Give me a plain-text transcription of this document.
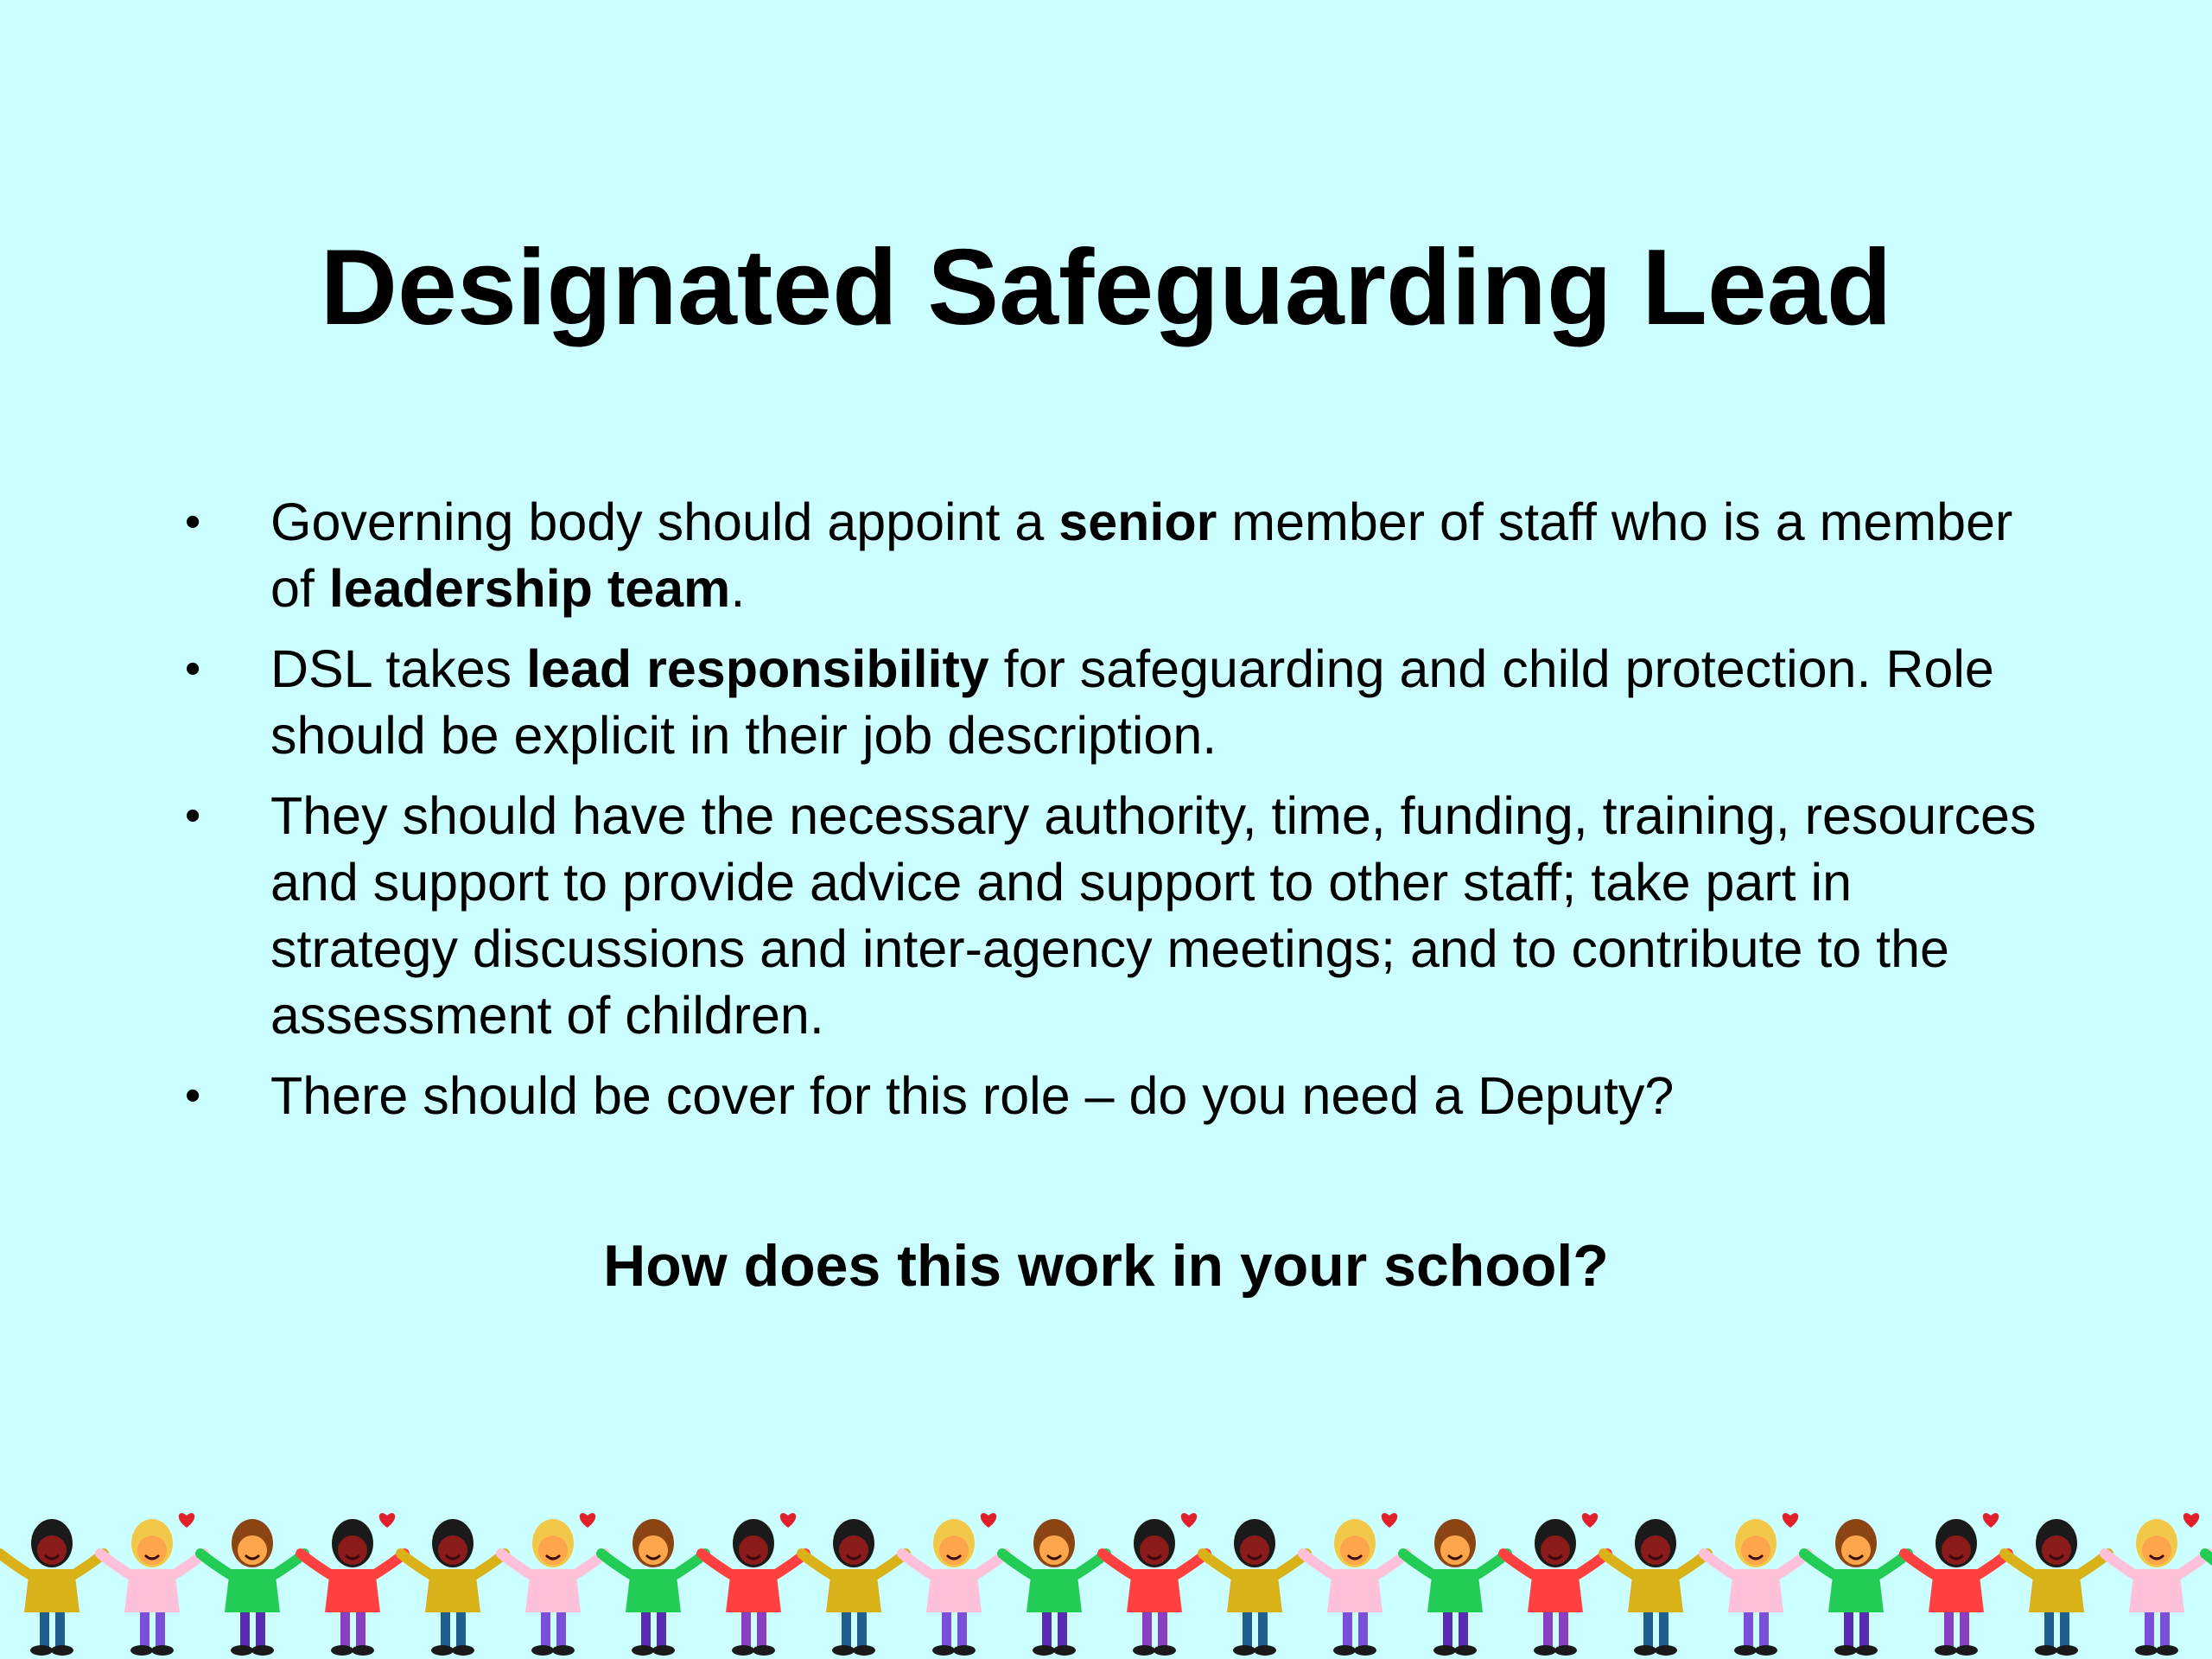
Designated Safeguarding Lead
• Governing body should appoint a senior member of staff who is a member of leadership team.
• DSL takes lead responsibility for safeguarding and child protection. Role should be explicit in their job description.
• They should have the necessary authority, time, funding, training, resources and support to provide advice and support to other staff; take part in strategy discussions and inter-agency meetings; and to contribute to the assessment of children.
• There should be cover for this role – do you need a Deputy?

How does this work in your school?
